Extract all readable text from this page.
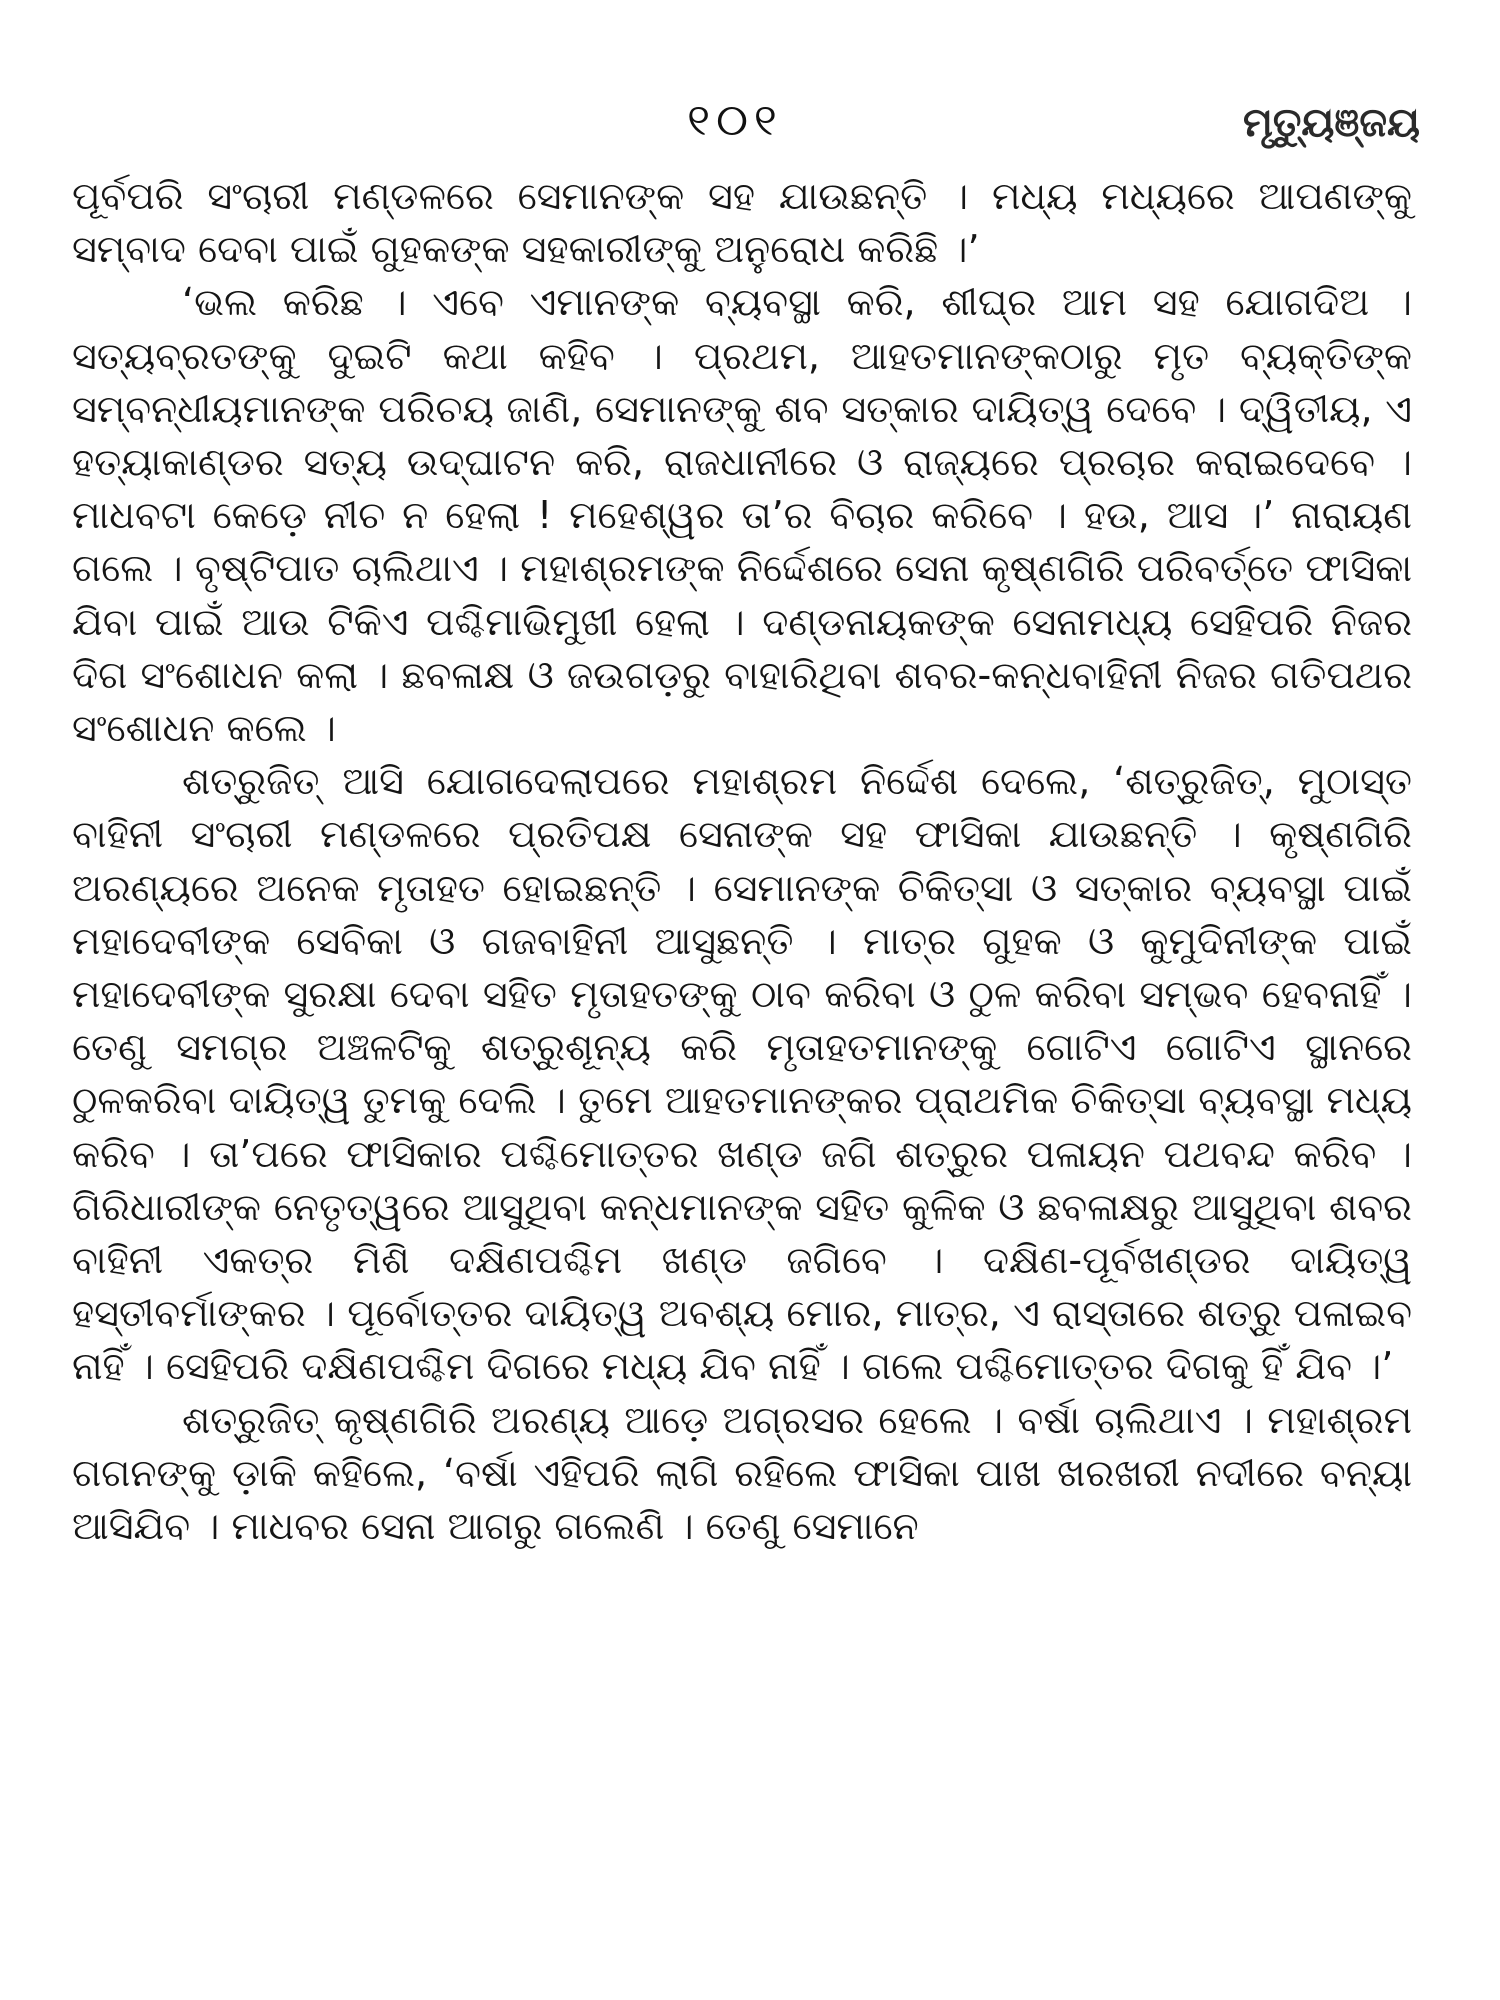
୧୦୧	ମୃତ୍ୟୁଞ୍ଜୟ

ପୂର୍ବପରି ସଂଚାରୀ ମଣ୍ଡଳରେ ସେମାନଙ୍କ ସହ ଯାଉଛନ୍ତି । ମଧ୍ୟ ମଧ୍ୟରେ ଆପଣଙ୍କୁ ସମ୍ବାଦ ଦେବା ପାଇଁ ଗୁହକଙ୍କ ସହକାରୀଙ୍କୁ ଅନୁରୋଧ କରିଛି ।’

‘ଭଲ କରିଛ । ଏବେ ଏମାନଙ୍କ ବ୍ୟବସ୍ଥା କରି, ଶୀଘ୍ର ଆମ ସହ ଯୋଗଦିଅ । ସତ୍ୟବ୍ରତଙ୍କୁ ଦୁଇଟି କଥା କହିବ । ପ୍ରଥମ, ଆହତମାନଙ୍କଠାରୁ ମୃତ ବ୍ୟକ୍ତିଙ୍କ ସମ୍ବନ୍ଧୀୟମାନଙ୍କ ପରିଚୟ ଜାଣି, ସେମାନଙ୍କୁ ଶବ ସତ୍କାର ଦାୟିତ୍ୱ ଦେବେ । ଦ୍ୱିତୀୟ, ଏ ହତ୍ୟାକାଣ୍ଡର ସତ୍ୟ ଉଦ୍‌ଘାଟନ କରି, ରାଜଧାନୀରେ ଓ ରାଜ୍ୟରେ ପ୍ରଚାର କରାଇଦେବେ । ମାଧବଟା କେଡ଼େ ନୀଚ ନ ହେଲା ! ମହେଶ୍ୱର ତା’ର ବିଚାର କରିବେ । ହଉ, ଆସ ।’ ନାରାୟଣ ଗଲେ । ବୃଷ୍ଟିପାତ ଚାଲିଥାଏ । ମହାଶ୍ରମଙ୍କ ନିର୍ଦ୍ଦେଶରେ ସେନା କୃଷ୍ଣଗିରି ପରିବର୍ତ୍ତେ ଫାସିକା ଯିବା ପାଇଁ ଆଉ ଟିକିଏ ପଶ୍ଚିମାଭିମୁଖୀ ହେଲା । ଦଣ୍ଡନାୟକଙ୍କ ସେନାମଧ୍ୟ ସେହିପରି ନିଜର ଦିଗ ସଂଶୋଧନ କଲା । ଛବଳାକ୍ଷ ଓ ଜଉଗଡ଼ରୁ ବାହାରିଥିବା ଶବର-କନ୍ଧବାହିନୀ ନିଜର ଗତିପଥର ସଂଶୋଧନ କଲେ ।

ଶତ୍ରୁଜିତ୍ ଆସି ଯୋଗଦେଲାପରେ ମହାଶ୍ରମ ନିର୍ଦ୍ଦେଶ ଦେଲେ, ‘ଶତ୍ରୁଜିତ୍, ମୁଠାସ୍ତ ବାହିନୀ ସଂଚାରୀ ମଣ୍ଡଳରେ ପ୍ରତିପକ୍ଷ ସେନାଙ୍କ ସହ ଫାସିକା ଯାଉଛନ୍ତି । କୃଷ୍ଣଗିରି ଅରଣ୍ୟରେ ଅନେକ ମୃତାହତ ହୋଇଛନ୍ତି । ସେମାନଙ୍କ ଚିକିତ୍ସା ଓ ସତ୍କାର ବ୍ୟବସ୍ଥା ପାଇଁ ମହାଦେବୀଙ୍କ ସେବିକା ଓ ଗଜବାହିନୀ ଆସୁଛନ୍ତି । ମାତ୍ର ଗୁହକ ଓ କୁମୁଦିନୀଙ୍କ ପାଇଁ ମହାଦେବୀଙ୍କ ସୁରକ୍ଷା ଦେବା ସହିତ ମୃତାହତଙ୍କୁ ଠାବ କରିବା ଓ ଠୁଳ କରିବା ସମ୍ଭବ ହେବନାହିଁ । ତେଣୁ ସମଗ୍ର ଅଞ୍ଚଳଟିକୁ ଶତ୍ରୁଶୂନ୍ୟ କରି ମୃତାହତମାନଙ୍କୁ ଗୋଟିଏ ଗୋଟିଏ ସ୍ଥାନରେ ଠୁଳକରିବା ଦାୟିତ୍ୱ ତୁମକୁ ଦେଲି । ତୁମେ ଆହତମାନଙ୍କର ପ୍ରାଥମିକ ଚିକିତ୍ସା ବ୍ୟବସ୍ଥା ମଧ୍ୟ କରିବ । ତା’ପରେ ଫାସିକାର ପଶ୍ଚିମୋତ୍ତର ଖଣ୍ଡ ଜଗି ଶତ୍ରୁର ପଳାୟନ ପଥବନ୍ଦ କରିବ । ଗିରିଧାରୀଙ୍କ ନେତୃତ୍ୱରେ ଆସୁଥିବା କନ୍ଧମାନଙ୍କ ସହିତ କୁଳିକ ଓ ଛବଳାକ୍ଷରୁ ଆସୁଥିବା ଶବର ବାହିନୀ ଏକତ୍ର ମିଶି ଦକ୍ଷିଣପଶ୍ଚିମ ଖଣ୍ଡ ଜଗିବେ । ଦକ୍ଷିଣ-ପୂର୍ବଖଣ୍ଡର ଦାୟିତ୍ୱ ହସ୍ତୀବର୍ମାଙ୍କର । ପୂର୍ବୋତ୍ତର ଦାୟିତ୍ୱ ଅବଶ୍ୟ ମୋର, ମାତ୍ର, ଏ ରାସ୍ତାରେ ଶତ୍ରୁ ପଳାଇବ ନାହିଁ । ସେହିପରି ଦକ୍ଷିଣପଶ୍ଚିମ ଦିଗରେ ମଧ୍ୟ ଯିବ ନାହିଁ । ଗଲେ ପଶ୍ଚିମୋତ୍ତର ଦିଗକୁ ହିଁ ଯିବ ।’

ଶତ୍ରୁଜିତ୍ କୃଷ୍ଣଗିରି ଅରଣ୍ୟ ଆଡ଼େ ଅଗ୍ରସର ହେଲେ । ବର୍ଷା ଚାଲିଥାଏ । ମହାଶ୍ରମ ଗଗନଙ୍କୁ ଡ଼ାକି କହିଲେ, ‘ବର୍ଷା ଏହିପରି ଲାଗି ରହିଲେ ଫାସିକା ପାଖ ଖରଖରୀ ନଦୀରେ ବନ୍ୟା ଆସିଯିବ । ମାଧବର ସେନା ଆଗରୁ ଗଲେଣି । ତେଣୁ ସେମାନେ
